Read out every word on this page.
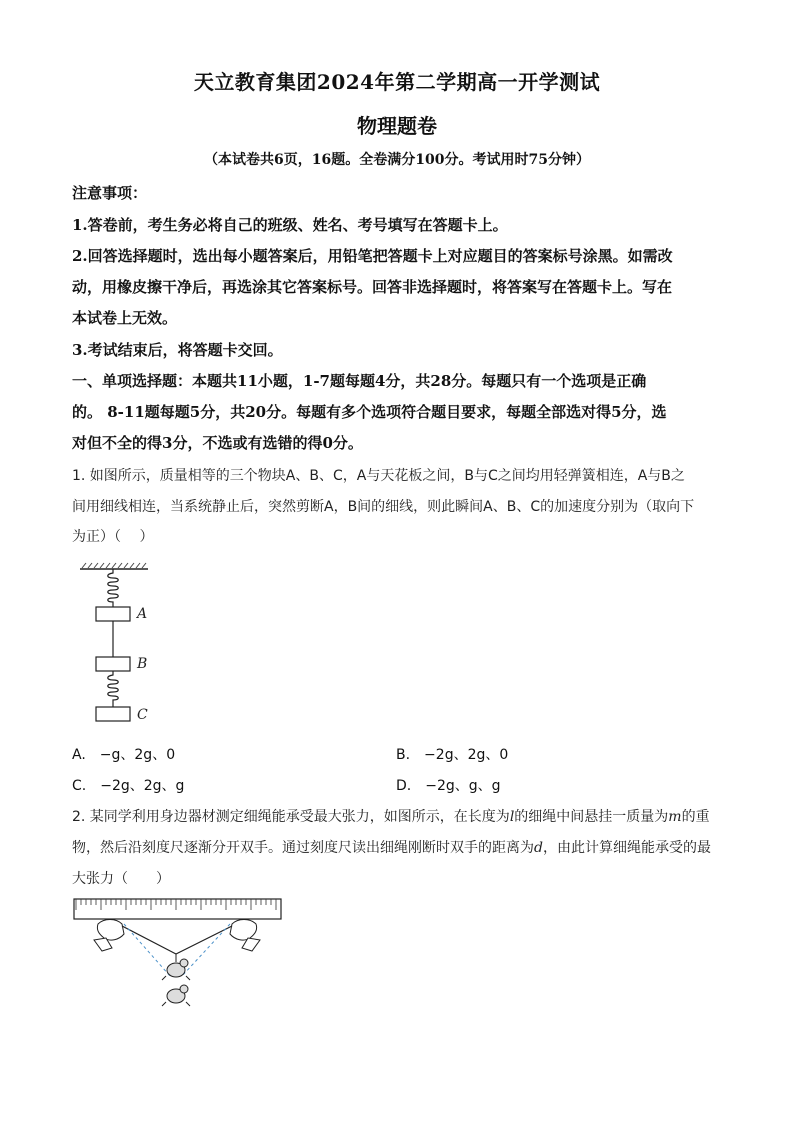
天立教育集团2024年第二学期高一开学测试
物理题卷
（本试卷共6页，16题。全卷满分100分。考试用时75分钟）
注意事项：
1.答卷前，考生务必将自己的班级、姓名、考号填写在答题卡上。
2.回答选择题时，选出每小题答案后，用铅笔把答题卡上对应题目的答案标号涂黑。如需改
动，用橡皮擦干净后，再选涂其它答案标号。回答非选择题时，将答案写在答题卡上。写在
本试卷上无效。
3.考试结束后，将答题卡交回。
一、单项选择题：本题共11小题，1-7题每题4分，共28分。每题只有一个选项是正确
的。 8-11题每题5分，共20分。每题有多个选项符合题目要求，每题全部选对得5分，选
对但不全的得3分，不选或有选错的得0分。
1. 如图所示，质量相等的三个物块A、B、C，A与天花板之间，B与C之间均用轻弹簧相连，A与B之
间用细线相连，当系统静止后，突然剪断A，B间的细线，则此瞬间A、B、C的加速度分别为（取向下
为正）（　 ）
A
B
C
A.　−g、2g、0	B.　−2g、2g、0
C.　−2g、2g、g	D.　−2g、g、g
2. 某同学利用身边器材测定细绳能承受最大张力，如图所示，在长度为l的细绳中间悬挂一质量为m的重
物，然后沿刻度尺逐渐分开双手。通过刻度尺读出细绳刚断时双手的距离为d，由此计算细绳能承受的最
大张力（　　）
